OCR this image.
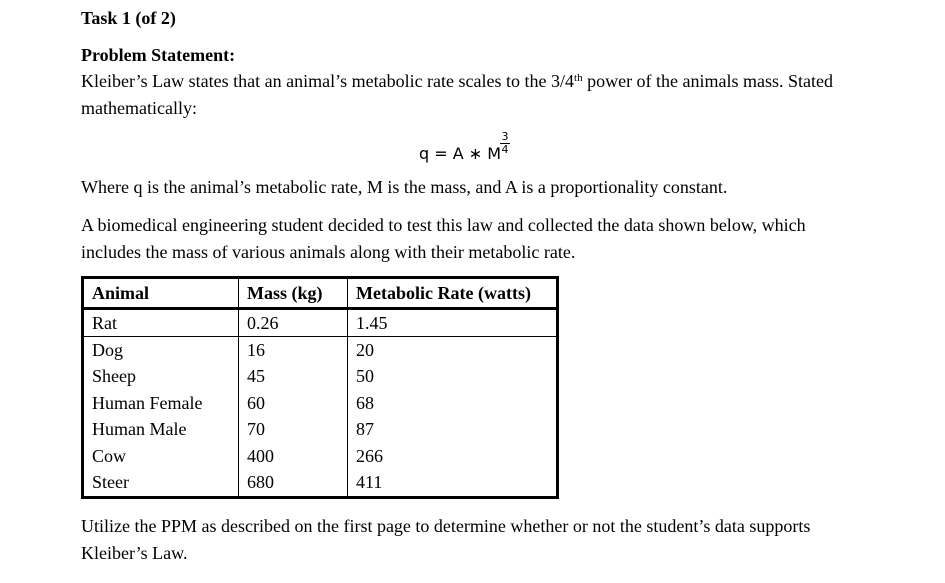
Task 1 (of 2)
Problem Statement:
Kleiber’s Law states that an animal’s metabolic rate scales to the 3/4th power of the animals mass. Stated mathematically:
q = A ∗ M
3
4
Where q is the animal’s metabolic rate, M is the mass, and A is a proportionality constant.
A biomedical engineering student decided to test this law and collected the data shown below, which includes the mass of various animals along with their metabolic rate.
Animal	Mass (kg)	Metabolic Rate (watts)
Rat	0.26	1.45
Dog	16	20
Sheep	45	50
Human Female	60	68
Human Male	70	87
Cow	400	266
Steer	680	411
Utilize the PPM as described on the first page to determine whether or not the student’s data supports Kleiber’s Law.
